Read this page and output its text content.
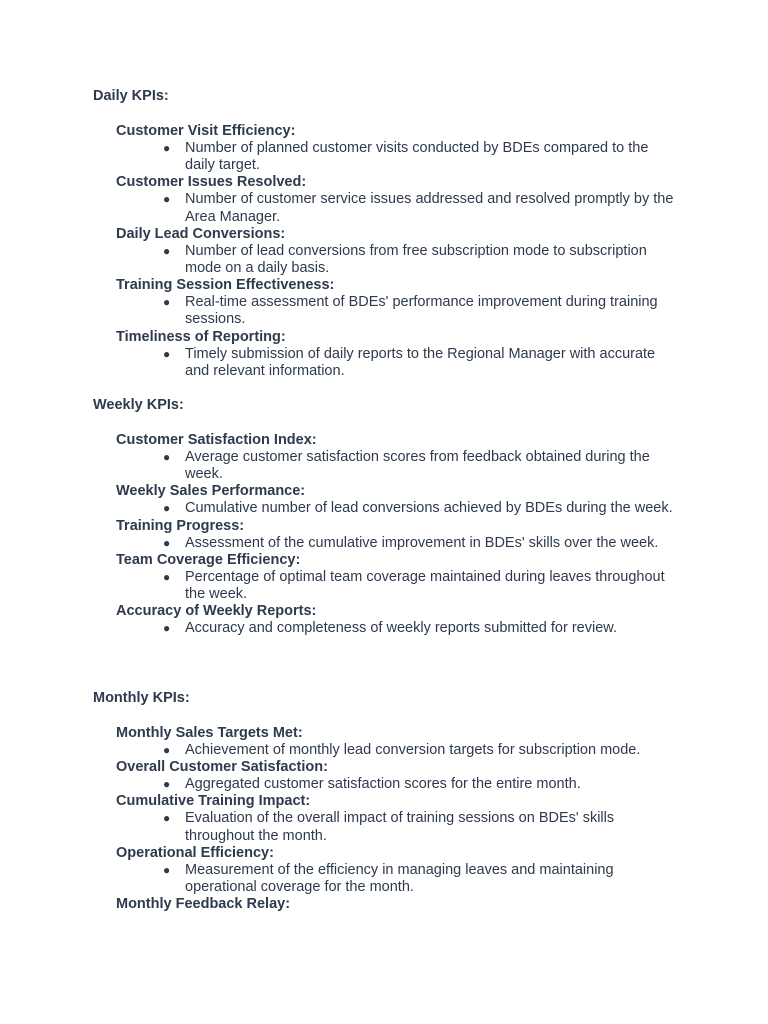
Daily KPIs:
Customer Visit Efficiency:
● Number of planned customer visits conducted by BDEs compared to the daily target.
Customer Issues Resolved:
● Number of customer service issues addressed and resolved promptly by the Area Manager.
Daily Lead Conversions:
● Number of lead conversions from free subscription mode to subscription mode on a daily basis.
Training Session Effectiveness:
● Real-time assessment of BDEs' performance improvement during training sessions.
Timeliness of Reporting:
● Timely submission of daily reports to the Regional Manager with accurate and relevant information.
Weekly KPIs:
Customer Satisfaction Index:
● Average customer satisfaction scores from feedback obtained during the week.
Weekly Sales Performance:
● Cumulative number of lead conversions achieved by BDEs during the week.
Training Progress:
● Assessment of the cumulative improvement in BDEs' skills over the week.
Team Coverage Efficiency:
● Percentage of optimal team coverage maintained during leaves throughout the week.
Accuracy of Weekly Reports:
● Accuracy and completeness of weekly reports submitted for review.
Monthly KPIs:
Monthly Sales Targets Met:
● Achievement of monthly lead conversion targets for subscription mode.
Overall Customer Satisfaction:
● Aggregated customer satisfaction scores for the entire month.
Cumulative Training Impact:
● Evaluation of the overall impact of training sessions on BDEs' skills throughout the month.
Operational Efficiency:
● Measurement of the efficiency in managing leaves and maintaining operational coverage for the month.
Monthly Feedback Relay:
